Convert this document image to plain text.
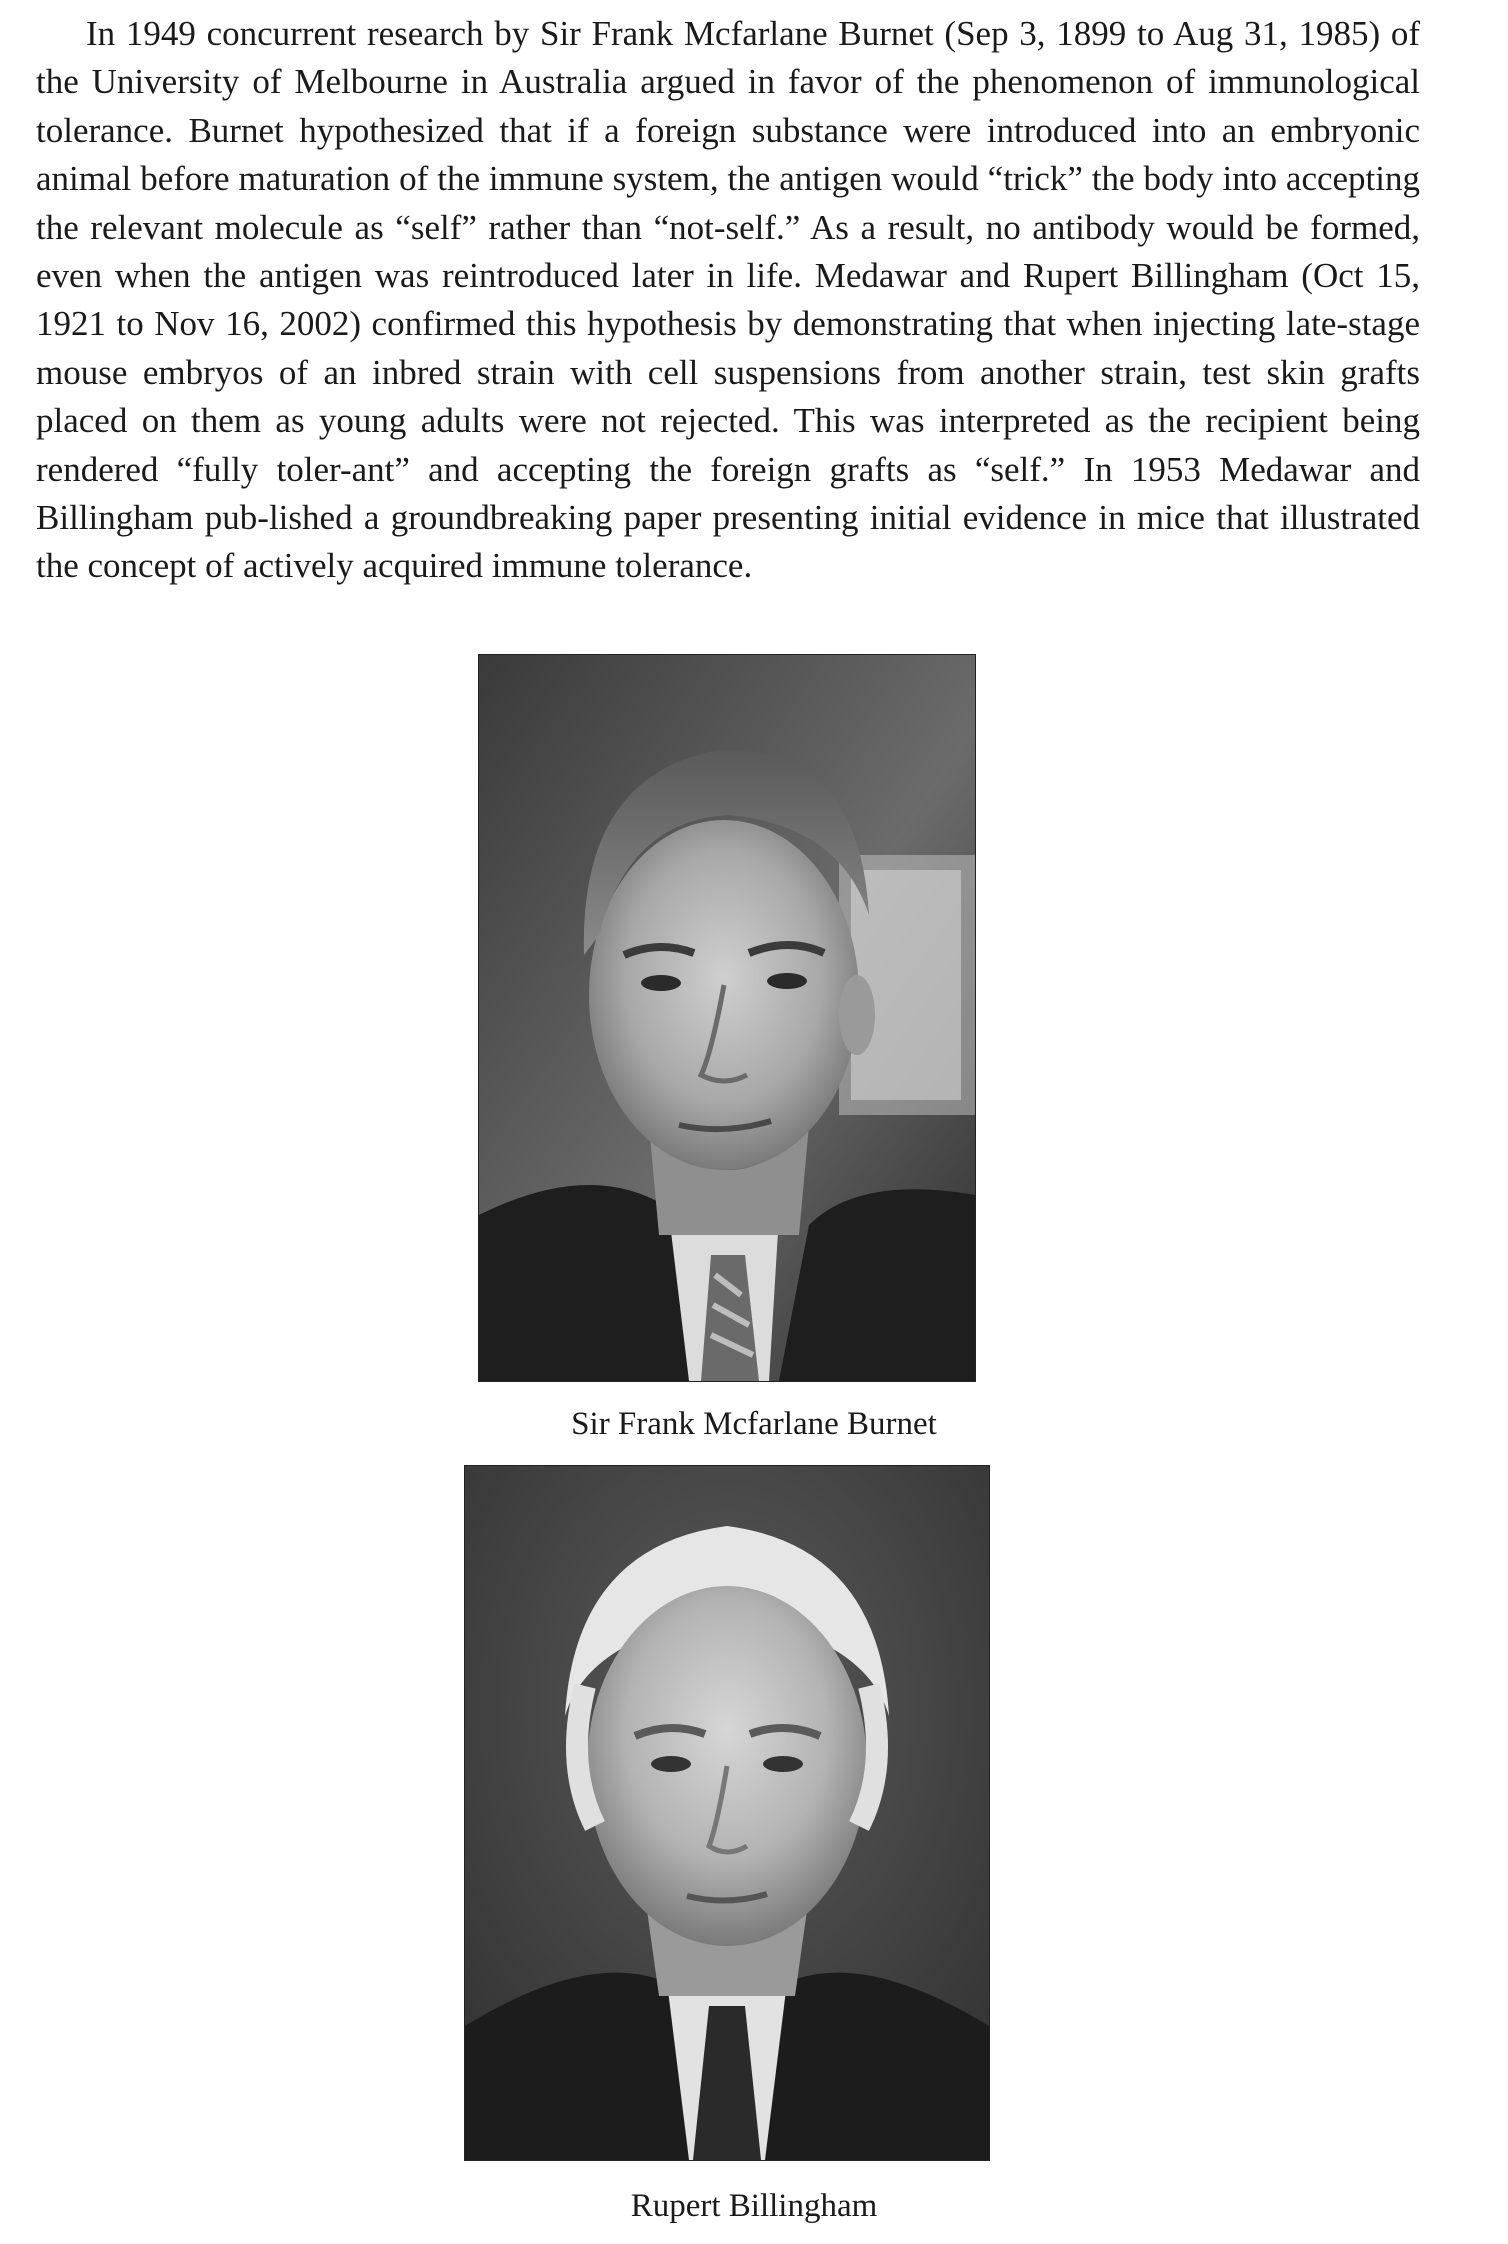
In 1949 concurrent research by Sir Frank Mcfarlane Burnet (Sep 3, 1899 to Aug 31, 1985) of the University of Melbourne in Australia argued in favor of the phenomenon of immunological tolerance. Burnet hypothesized that if a foreign substance were introduced into an embryonic animal before maturation of the immune system, the antigen would “trick” the body into accepting the relevant molecule as “self” rather than “not-self.” As a result, no antibody would be formed, even when the antigen was reintroduced later in life. Medawar and Rupert Billingham (Oct 15, 1921 to Nov 16, 2002) confirmed this hypothesis by demonstrating that when injecting late-stage mouse embryos of an inbred strain with cell suspensions from another strain, test skin grafts placed on them as young adults were not rejected. This was interpreted as the recipient being rendered “fully toler-ant” and accepting the foreign grafts as “self.” In 1953 Medawar and Billingham pub-lished a groundbreaking paper presenting initial evidence in mice that illustrated the concept of actively acquired immune tolerance.

Sir Frank Mcfarlane Burnet

Rupert Billingham
